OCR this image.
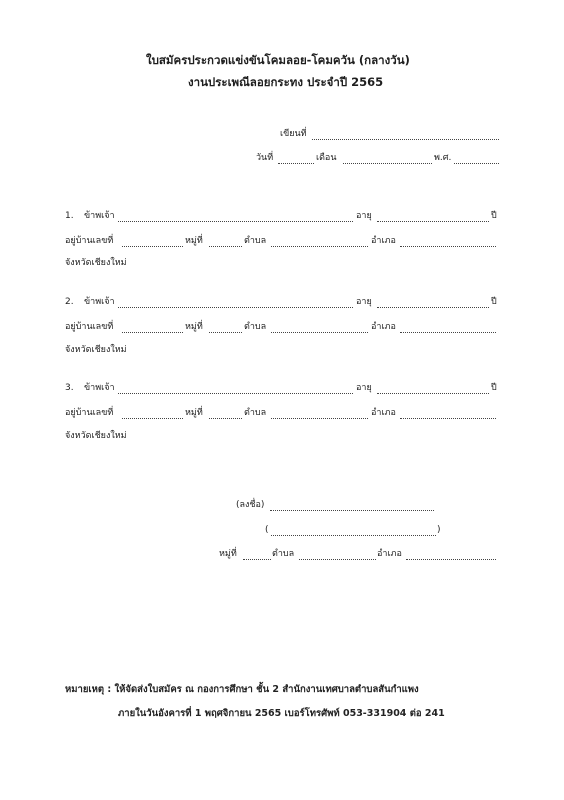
ใบสมัครประกวดแข่งขันโคมลอย-โคมควัน (กลางวัน)
งานประเพณีลอยกระทง ประจำปี 2565
เขียนที่
วันที่	เดือน	พ.ศ.
1. ข้าพเจ้า	อายุ	ปี
อยู่บ้านเลขที่	หมู่ที่	ตำบล	อำเภอ
จังหวัดเชียงใหม่
2. ข้าพเจ้า	อายุ	ปี
อยู่บ้านเลขที่	หมู่ที่	ตำบล	อำเภอ
จังหวัดเชียงใหม่
3. ข้าพเจ้า	อายุ	ปี
อยู่บ้านเลขที่	หมู่ที่	ตำบล	อำเภอ
จังหวัดเชียงใหม่
(ลงชื่อ)
(	)
หมู่ที่	ตำบล	อำเภอ
หมายเหตุ : ให้จัดส่งใบสมัคร ณ กองการศึกษา ชั้น 2 สำนักงานเทศบาลตำบลสันกำแพง
ภายในวันอังคารที่ 1 พฤศจิกายน 2565 เบอร์โทรศัพท์ 053-331904 ต่อ 241
